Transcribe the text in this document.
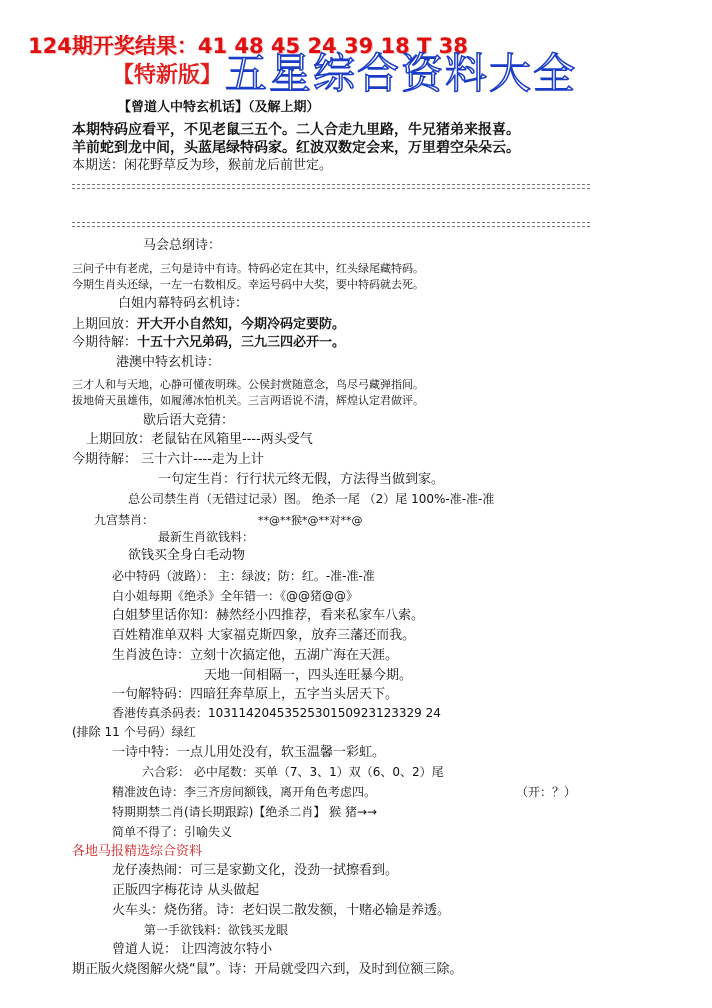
124期开奖结果：41 48 45 24 39 18 T 38
【特新版】 五星综合资料大全
【曾道人中特玄机话】（及解上期）
本期特码应看平，不见老鼠三五个。二人合走九里路，牛兄猪弟来报喜。
羊前蛇到龙中间，头蓝尾绿特码家。红波双数定会来，万里碧空朵朵云。
本期送：闲花野草反为珍，猴前龙后前世定。
马会总纲诗：
三问子中有老虎，三句是诗中有诗。特码必定在其中，红头绿尾藏特码。
今期生肖头还绿，一左一右数相反。幸运号码中大奖，要中特码就去死。
白姐内幕特码玄机诗：
上期回放：开大开小自然知，今期冷码定要防。
今期待解：十五十六兄弟码，三九三四必开一。
港澳中特玄机诗：
三才人和与天地，心静可懂夜明珠。公侯封赏随意念，鸟尽弓藏弹指间。
拔地倚天虽雄伟，如履薄冰怕机关。三言两语说不清，辉煌认定君做评。
歇后语大竞猜：
上期回放：老鼠钻在风箱里----两头受气
今期待解： 三十六计----走为上计
一句定生肖：行行状元终无假，方法得当做到家。
总公司禁生肖（无错过记录）图。 绝杀一尾 （2）尾 100%-准-准-准
九宫禁肖：	**@**猴*@**对**@
最新生肖欲钱料：
欲钱买全身白毛动物
必中特码（波路）： 主：绿波；防：红。-准-准-准
白小姐每期《绝杀》全年错一：《@@猪@@》
白姐梦里话你知：赫然经小四推荐，看来私家车八索。
百姓精准单双料 大家福克斯四象，放弃三藩还而我。
生肖波色诗：立刻十次搞定他，五湖广海在天涯。
天地一间相隔一，四头连旺暴今期。
一句解特码：四暗狂奔草原上，五字当头居天下。
香港传真杀码表：1031142045352530150923123329 24
(排除 11 个号码）绿红
一诗中特：一点儿用处没有，软玉温馨一彩虹。
六合彩： 必中尾数：买单（7、3、1）双（6、0、2）尾
精准波色诗：李三齐房间额钱，离开角色考虑四。	（开：？）
特期期禁二肖(请长期跟踪)【绝杀二肖】 猴 猪→→
简单不得了：引喻失义
各地马报精选综合资料
龙仔凑热闹：可三是家勤文化，没劲一拭擦看到。
正版四字梅花诗 从头做起
火车头：烧伤猪。诗：老妇误二散发额，十赌必输是养透。
第一手欲钱料：欲钱买龙眼
曾道人说： 让四湾波尔特小
期正版火烧图解火烧“鼠”。诗：开局就受四六到，及时到位额三除。
